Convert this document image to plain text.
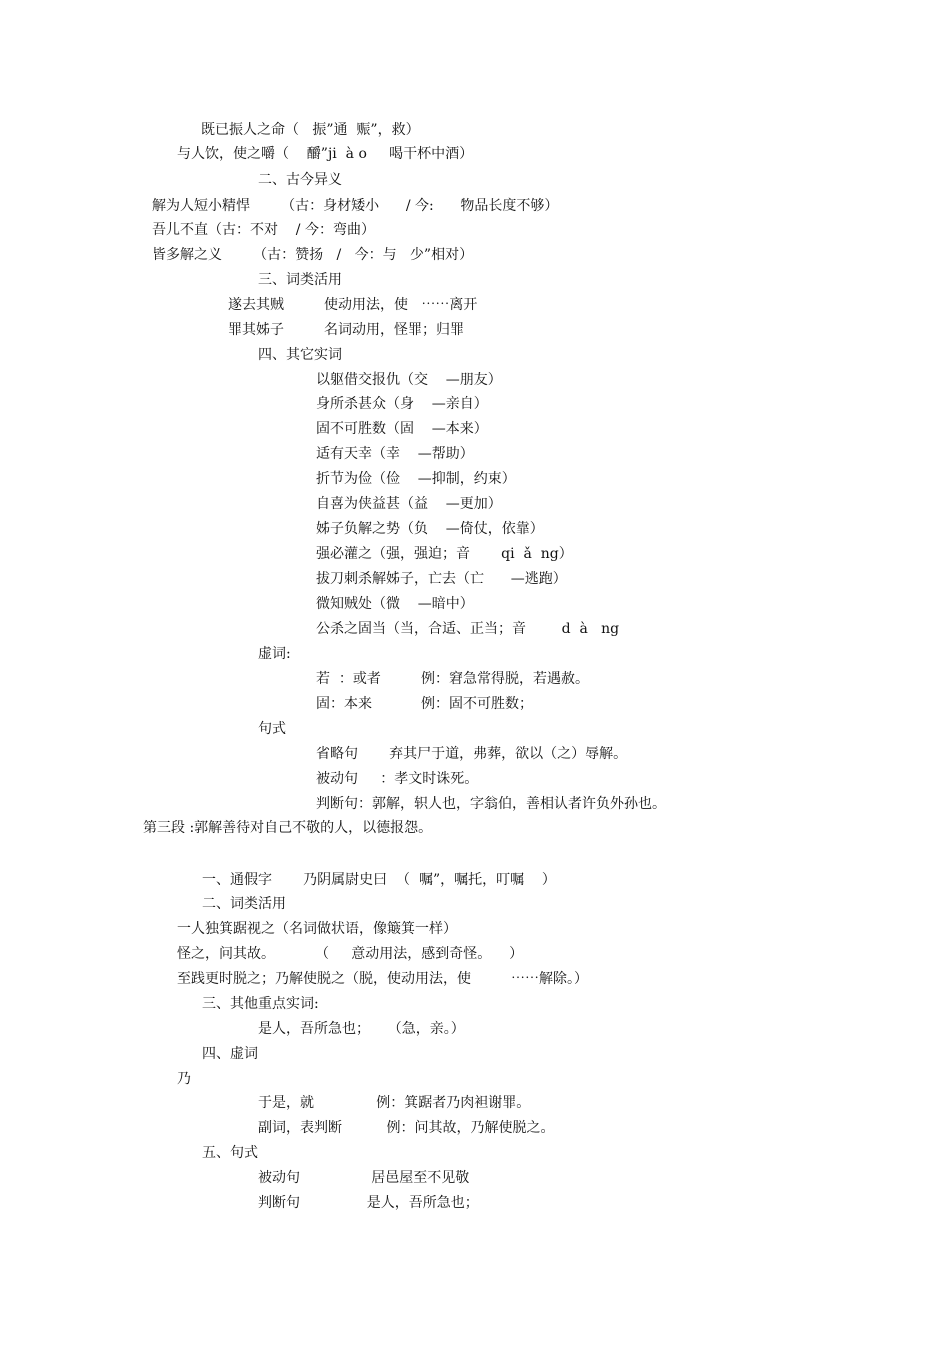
既已振人之命（   振”通  赈”，救）
与人饮，使之嚼（    釂”ji  à o     喝干杯中酒）
二、古今异义
解为人短小精悍       （古：身材矮小      / 今:      物品长度不够）
吾儿不直（古：不对    / 今：弯曲）
皆多解之义       （古：赞扬   /   今：与   少”相对）
三、词类活用
遂去其贼         使动用法，使   ⋯⋯离开
罪其姊子         名词动用，怪罪；归罪
四、其它实词
以躯借交报仇（交    —朋友）
身所杀甚众（身    —亲自）
固不可胜数（固    —本来）
适有天幸（幸    —帮助）
折节为俭（俭    —抑制，约束）
自喜为侠益甚（益    —更加）
姊子负解之势（负    —倚仗，依靠）
强必灌之（强，强迫；音       qi  ǎ  ng）
拔刀刺杀解姊子，亡去（亡      —逃跑）
微知贼处（微    —暗中）
公杀之固当（当，合适、正当；音        d  à   ng
虚词:
若  ：或者         例：窘急常得脱，若遇赦。
固：本来           例：固不可胜数；
句式
省略句       弃其尸于道，弗葬，欲以（之）辱解。
被动句     ：孝文时诛死。
判断句：郭解，轵人也，字翁伯，善相认者许负外孙也。
第三段 :郭解善待对自己不敬的人，以德报怨。
一、通假字       乃阴属尉史曰  （  嘱”，嘱托，叮嘱    ）
二、词类活用
一人独箕踞视之（名词做状语，像簸箕一样）
怪之，问其故。         （     意动用法，感到奇怪。    ）
至践更时脱之；乃解使脱之（脱，使动用法，使         ⋯⋯解除。）
三、其他重点实词:
是人，吾所急也；    （急，亲。）
四、虚词
乃
于是，就              例：箕踞者乃肉袒谢罪。
副词，表判断          例：问其故，乃解使脱之。
五、句式
被动句                居邑屋至不见敬
判断句               是人，吾所急也；
